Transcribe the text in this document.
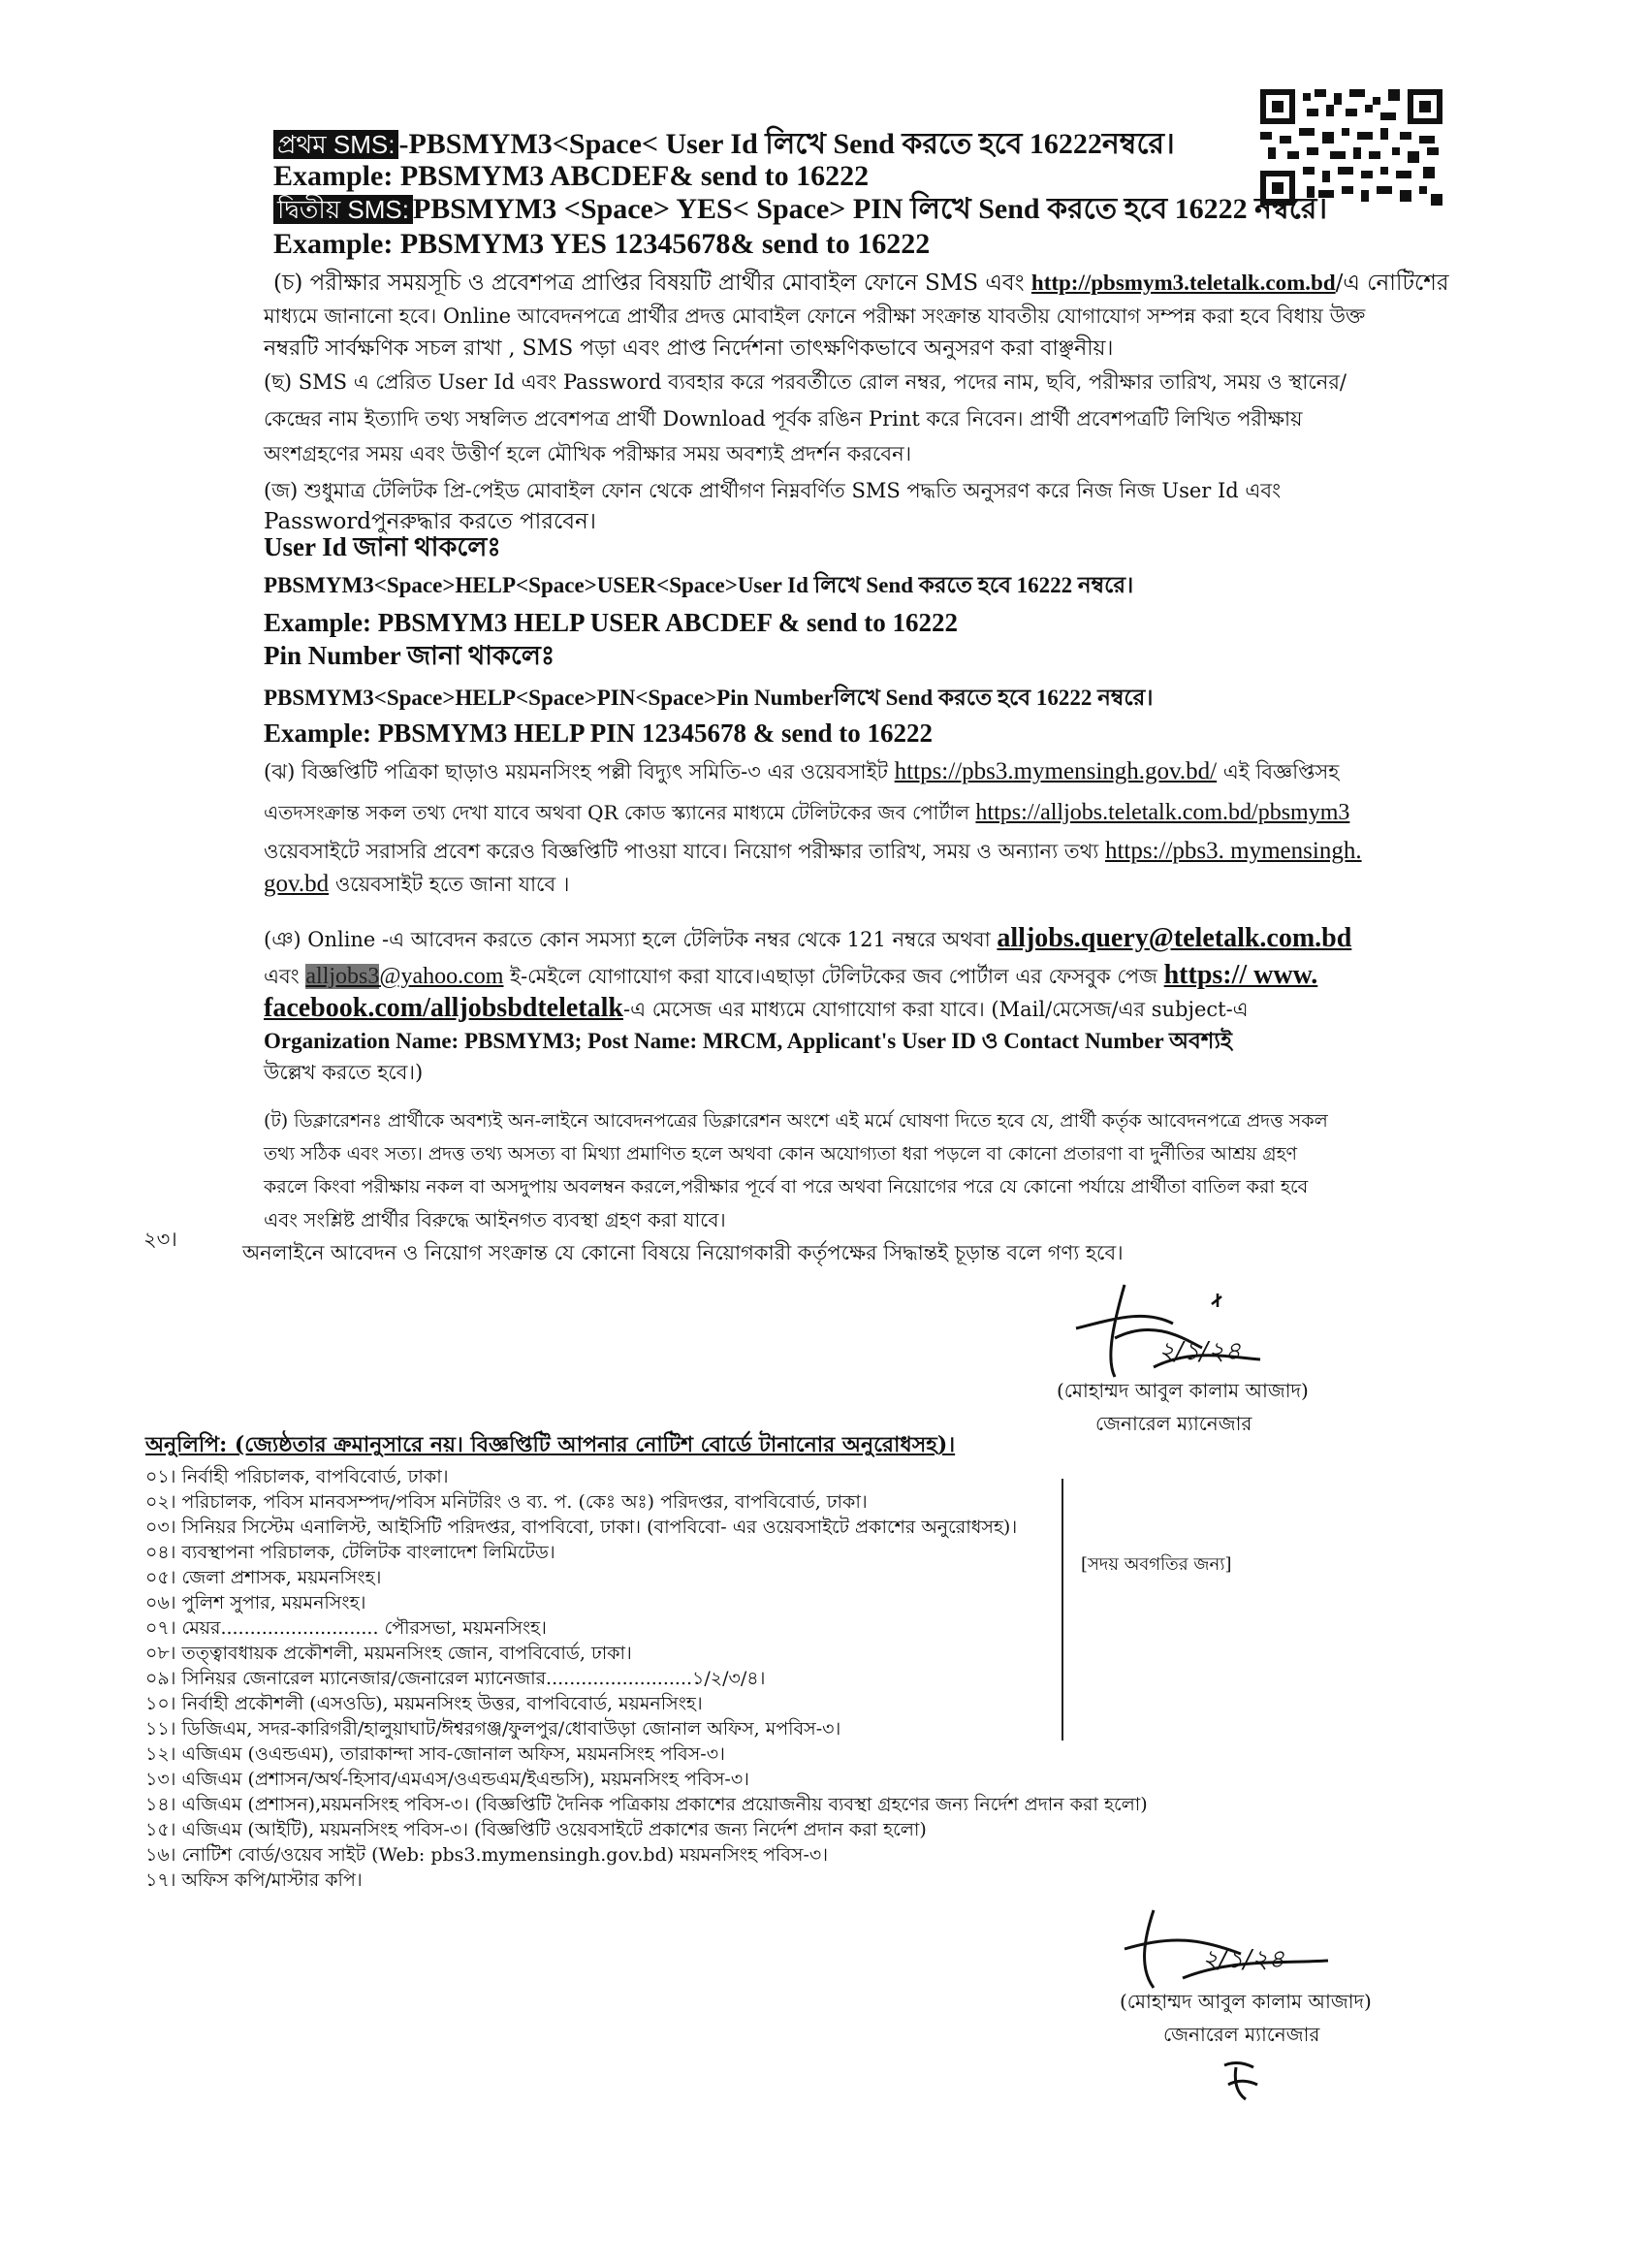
প্রথম SMS: -PBSMYM3<Space< User Id লিখে Send করতে হবে 16222নম্বরে।
Example: PBSMYM3 ABCDEF& send to 16222
দ্বিতীয় SMS: PBSMYM3 <Space> YES< Space> PIN লিখে Send করতে হবে 16222 নম্বরে।
Example: PBSMYM3 YES 12345678& send to 16222
(চ) পরীক্ষার সময়সূচি ও প্রবেশপত্র প্রাপ্তির বিষয়টি প্রার্থীর মোবাইল ফোনে SMS এবং http://pbsmym3.teletalk.com.bd/এ নোটিশের
মাধ্যমে জানানো হবে। Online আবেদনপত্রে প্রার্থীর প্রদত্ত মোবাইল ফোনে পরীক্ষা সংক্রান্ত যাবতীয় যোগাযোগ সম্পন্ন করা হবে বিধায় উক্ত
নম্বরটি সার্বক্ষণিক সচল রাখা , SMS পড়া এবং প্রাপ্ত নির্দেশনা তাৎক্ষণিকভাবে অনুসরণ করা বাঞ্ছনীয়।
(ছ) SMS এ প্রেরিত User Id এবং Password ব্যবহার করে পরবর্তীতে রোল নম্বর, পদের নাম, ছবি, পরীক্ষার তারিখ, সময় ও স্থানের/
কেন্দ্রের নাম ইত্যাদি তথ্য সম্বলিত প্রবেশপত্র প্রার্থী Download পূর্বক রঙিন Print করে নিবেন। প্রার্থী প্রবেশপত্রটি লিখিত পরীক্ষায়
অংশগ্রহণের সময় এবং উত্তীর্ণ হলে মৌখিক পরীক্ষার সময় অবশ্যই প্রদর্শন করবেন।
(জ) শুধুমাত্র টেলিটক প্রি-পেইড মোবাইল ফোন থেকে প্রার্থীগণ নিম্নবর্ণিত SMS পদ্ধতি অনুসরণ করে নিজ নিজ User Id এবং
Passwordপুনরুদ্ধার করতে পারবেন।
User Id জানা থাকলেঃ
PBSMYM3<Space>HELP<Space>USER<Space>User Id লিখে Send করতে হবে 16222 নম্বরে।
Example: PBSMYM3 HELP USER ABCDEF & send to 16222
Pin Number জানা থাকলেঃ
PBSMYM3<Space>HELP<Space>PIN<Space>Pin Numberলিখে Send করতে হবে 16222 নম্বরে।
Example: PBSMYM3 HELP PIN 12345678 & send to 16222
(ঝ) বিজ্ঞপ্তিটি পত্রিকা ছাড়াও ময়মনসিংহ পল্লী বিদ্যুৎ সমিতি-৩ এর ওয়েবসাইট https://pbs3.mymensingh.gov.bd/ এই বিজ্ঞপ্তিসহ
এতদসংক্রান্ত সকল তথ্য দেখা যাবে অথবা QR কোড স্ক্যানের মাধ্যমে টেলিটকের জব পোর্টাল https://alljobs.teletalk.com.bd/pbsmym3
ওয়েবসাইটে সরাসরি প্রবেশ করেও বিজ্ঞপ্তিটি পাওয়া যাবে। নিয়োগ পরীক্ষার তারিখ, সময় ও অন্যান্য তথ্য https://pbs3. mymensingh.
gov.bd ওয়েবসাইট হতে জানা যাবে ।
(ঞ) Online -এ আবেদন করতে কোন সমস্যা হলে টেলিটক নম্বর থেকে 121 নম্বরে অথবা alljobs.query@teletalk.com.bd
এবং alljobs3@yahoo.com ই-মেইলে যোগাযোগ করা যাবে।এছাড়া টেলিটকের জব পোর্টাল এর ফেসবুক পেজ https:// www.
facebook.com/alljobsbdteletalk-এ মেসেজ এর মাধ্যমে যোগাযোগ করা যাবে। (Mail/মেসেজ/এর subject-এ
Organization Name: PBSMYM3; Post Name: MRCM, Applicant's User ID ও Contact Number অবশ্যই
উল্লেখ করতে হবে।)
(ট) ডিক্লারেশনঃ প্রার্থীকে অবশ্যই অন-লাইনে আবেদনপত্রের ডিক্লারেশন অংশে এই মর্মে ঘোষণা দিতে হবে যে, প্রার্থী কর্তৃক আবেদনপত্রে প্রদত্ত সকল
তথ্য সঠিক এবং সত্য। প্রদত্ত তথ্য অসত্য বা মিথ্যা প্রমাণিত হলে অথবা কোন অযোগ্যতা ধরা পড়লে বা কোনো প্রতারণা বা দুর্নীতির আশ্রয় গ্রহণ
করলে কিংবা পরীক্ষায় নকল বা অসদুপায় অবলম্বন করলে,পরীক্ষার পূর্বে বা পরে অথবা নিয়োগের পরে যে কোনো পর্যায়ে প্রার্থীতা বাতিল করা হবে
এবং সংশ্লিষ্ট প্রার্থীর বিরুদ্ধে আইনগত ব্যবস্থা গ্রহণ করা যাবে।
২৩।
অনলাইনে আবেদন ও নিয়োগ সংক্রান্ত যে কোনো বিষয়ে নিয়োগকারী কর্তৃপক্ষের সিদ্ধান্তই চূড়ান্ত বলে গণ্য হবে।
২/১/২৪
(মোহাম্মদ আবুল কালাম আজাদ)
জেনারেল ম্যানেজার
অনুলিপি: (জ্যেষ্ঠতার ক্রমানুসারে নয়। বিজ্ঞপ্তিটি আপনার নোটিশ বোর্ডে টানানোর অনুরোধসহ)।
০১। নির্বাহী পরিচালক, বাপবিবোর্ড, ঢাকা।
০২। পরিচালক, পবিস মানবসম্পদ/পবিস মনিটরিং ও ব্য. প. (কেঃ অঃ) পরিদপ্তর, বাপবিবোর্ড, ঢাকা।
০৩। সিনিয়র সিস্টেম এনালিস্ট, আইসিটি পরিদপ্তর, বাপবিবো, ঢাকা। (বাপবিবো- এর ওয়েবসাইটে প্রকাশের অনুরোধসহ)।
০৪। ব্যবস্থাপনা পরিচালক, টেলিটক বাংলাদেশ লিমিটেড।
০৫। জেলা প্রশাসক, ময়মনসিংহ।
০৬। পুলিশ সুপার, ময়মনসিংহ।
০৭। মেয়র........................... পৌরসভা, ময়মনসিংহ।
০৮। তত্ত্বাবধায়ক প্রকৌশলী, ময়মনসিংহ জোন, বাপবিবোর্ড, ঢাকা।
০৯। সিনিয়র জেনারেল ম্যানেজার/জেনারেল ম্যানেজার.........................১/২/৩/৪।
১০। নির্বাহী প্রকৌশলী (এসওডি), ময়মনসিংহ উত্তর, বাপবিবোর্ড, ময়মনসিংহ।
১১। ডিজিএম, সদর-কারিগরী/হালুয়াঘাট/ঈশ্বরগঞ্জ/ফুলপুর/ধোবাউড়া জোনাল অফিস, মপবিস-৩।
১২। এজিএম (ওএন্ডএম), তারাকান্দা সাব-জোনাল অফিস, ময়মনসিংহ পবিস-৩।
১৩। এজিএম (প্রশাসন/অর্থ-হিসাব/এমএস/ওএন্ডএম/ইএন্ডসি), ময়মনসিংহ পবিস-৩।
১৪। এজিএম (প্রশাসন),ময়মনসিংহ পবিস-৩। (বিজ্ঞপ্তিটি দৈনিক পত্রিকায় প্রকাশের প্রয়োজনীয় ব্যবস্থা গ্রহণের জন্য নির্দেশ প্রদান করা হলো)
১৫। এজিএম (আইটি), ময়মনসিংহ পবিস-৩। (বিজ্ঞপ্তিটি ওয়েবসাইটে প্রকাশের জন্য নির্দেশ প্রদান করা হলো)
১৬। নোটিশ বোর্ড/ওয়েব সাইট (Web: pbs3.mymensingh.gov.bd) ময়মনসিংহ পবিস-৩।
১৭। অফিস কপি/মাস্টার কপি।
[সদয় অবগতির জন্য]
২/১/২৪
(মোহাম্মদ আবুল কালাম আজাদ)
জেনারেল ম্যানেজার
